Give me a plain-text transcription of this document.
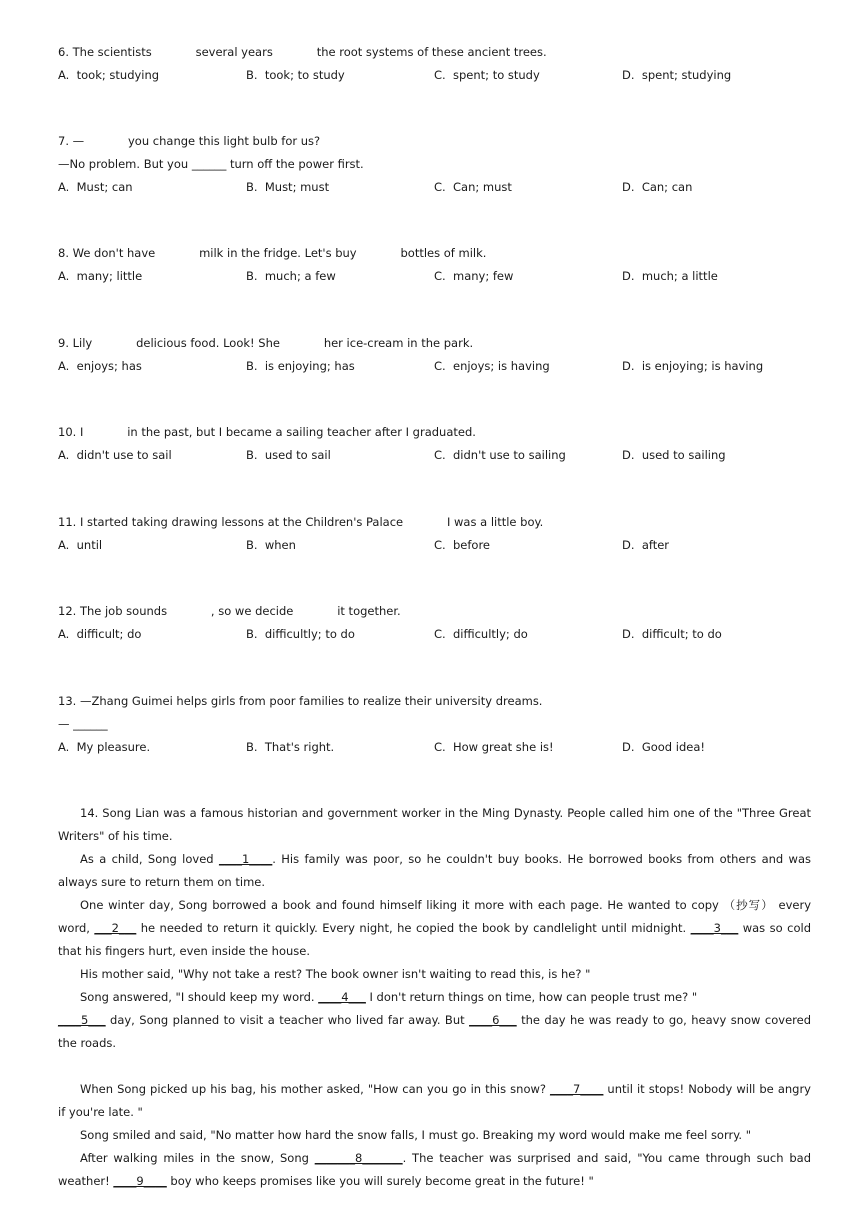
6. The scientists            several years            the root systems of these ancient trees.
A.  took; studying	B.  took; to study	C.  spent; to study	D.  spent; studying
7. —            you change this light bulb for us?
—No problem. But you ______ turn off the power first.
A.  Must; can	B.  Must; must	C.  Can; must	D.  Can; can
8. We don't have            milk in the fridge. Let's buy            bottles of milk.
A.  many; little	B.  much; a few	C.  many; few	D.  much; a little
9. Lily            delicious food. Look! She            her ice-cream in the park.
A.  enjoys; has	B.  is enjoying; has	C.  enjoys; is having	D.  is enjoying; is having
10. I            in the past, but I became a sailing teacher after I graduated.
A.  didn't use to sail	B.  used to sail	C.  didn't use to sailing	D.  used to sailing
11. I started taking drawing lessons at the Children's Palace            I was a little boy.
A.  until	B.  when	C.  before	D.  after
12. The job sounds            , so we decide            it together.
A.  difficult; do	B.  difficultly; to do	C.  difficultly; do	D.  difficult; to do
13. —Zhang Guimei helps girls from poor families to realize their university dreams.
— ______
A.  My pleasure.	B.  That's right.	C.  How great she is!	D.  Good idea!

14. Song Lian was a famous historian and government worker in the Ming Dynasty. People called him one of the "Three Great Writers" of his time.

As a child, Song loved ____1____. His family was poor, so he couldn't buy books. He borrowed books from others and was always sure to return them on time.

One winter day, Song borrowed a book and found himself liking it more with each page. He wanted to copy （抄写） every word, ___2___ he needed to return it quickly. Every night, he copied the book by candlelight until midnight. ____3___ was so cold that his fingers hurt, even inside the house.

His mother said, "Why not take a rest? The book owner isn't waiting to read this, is he? "

Song answered, "I should keep my word. ____4___ I don't return things on time, how can people trust me? "

____5___ day, Song planned to visit a teacher who lived far away. But ____6___ the day he was ready to go, heavy snow covered the roads.

When Song picked up his bag, his mother asked, "How can you go in this snow? ____7____ until it stops! Nobody will be angry if you're late. "

Song smiled and said, "No matter how hard the snow falls, I must go. Breaking my word would make me feel sorry. "

After walking miles in the snow, Song _______8_______. The teacher was surprised and said, "You came through such bad weather! ____9____ boy who keeps promises like you will surely become great in the future! "
